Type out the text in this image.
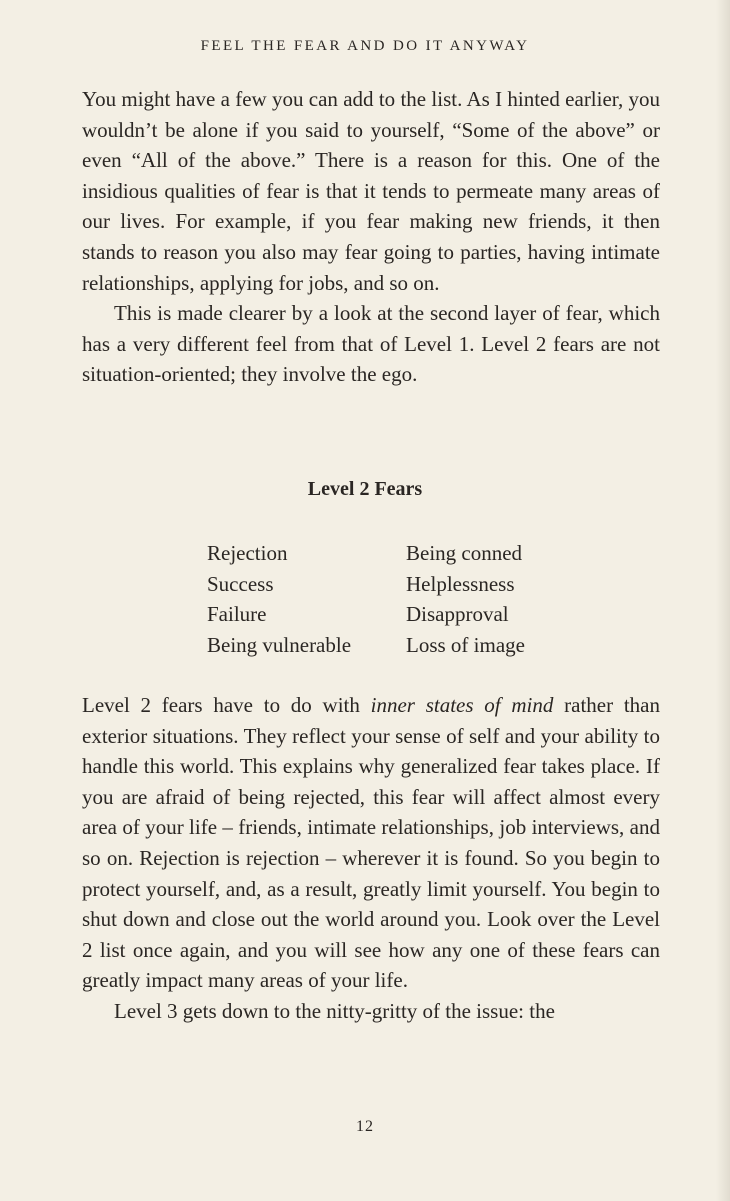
FEEL THE FEAR AND DO IT ANYWAY

You might have a few you can add to the list. As I hinted earlier, you wouldn’t be alone if you said to yourself, “Some of the above” or even “All of the above.” There is a reason for this. One of the insidious qualities of fear is that it tends to permeate many areas of our lives. For example, if you fear making new friends, it then stands to reason you also may fear going to parties, having intimate relationships, applying for jobs, and so on.

This is made clearer by a look at the second layer of fear, which has a very different feel from that of Level 1. Level 2 fears are not situation-oriented; they involve the ego.

Level 2 Fears
Rejection	Being conned
Success	Helplessness
Failure	Disapproval
Being vulnerable	Loss of image

Level 2 fears have to do with inner states of mind rather than exterior situations. They reflect your sense of self and your ability to handle this world. This explains why generalized fear takes place. If you are afraid of being rejected, this fear will affect almost every area of your life – friends, intimate relationships, job interviews, and so on. Rejection is rejection – wherever it is found. So you begin to protect yourself, and, as a result, greatly limit yourself. You begin to shut down and close out the world around you. Look over the Level 2 list once again, and you will see how any one of these fears can greatly impact many areas of your life.

Level 3 gets down to the nitty-gritty of the issue: the

12
